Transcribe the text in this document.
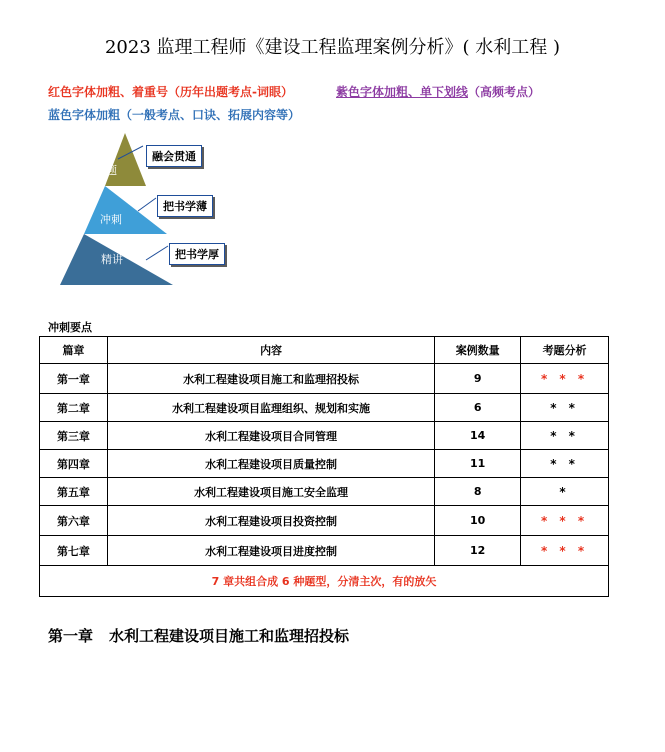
2023 监理工程师《建设工程监理案例分析》( 水利工程 )
红色字体加粗、着重号（历年出题考点-词眼）	紫色字体加粗、单下划线（高频考点）
蓝色字体加粗（一般考点、口诀、拓展内容等）
题
冲刺
精讲
融会贯通
把书学薄
把书学厚
冲刺要点
篇章	内容	案例数量	考题分析
第一章	水利工程建设项目施工和监理招投标	9	* * *
第二章	水利工程建设项目监理组织、规划和实施	6	* *
第三章	水利工程建设项目合同管理	14	* *
第四章	水利工程建设项目质量控制	11	* *
第五章	水利工程建设项目施工安全监理	8	*
第六章	水利工程建设项目投资控制	10	* * *
第七章	水利工程建设项目进度控制	12	* * *
7 章共组合成 6 种题型，分清主次，有的放矢			
第一章 水利工程建设项目施工和监理招投标
